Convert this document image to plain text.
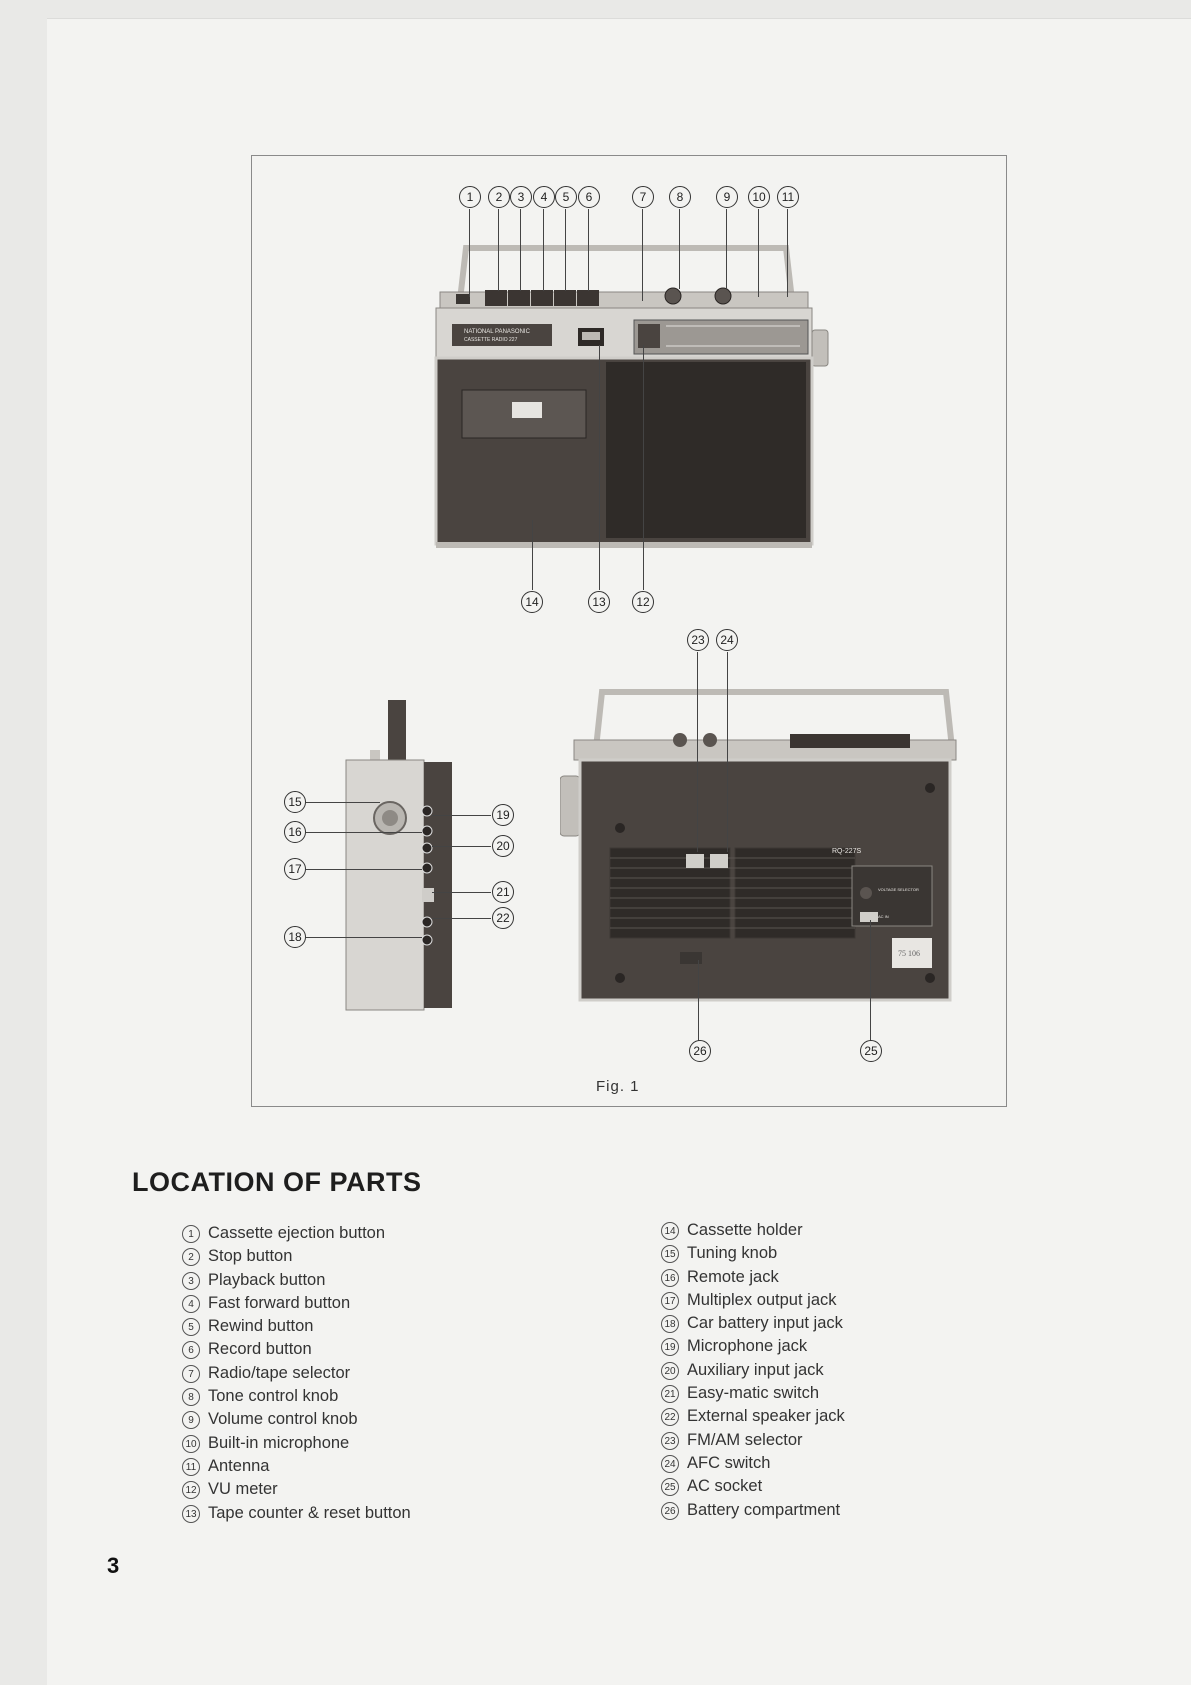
NATIONAL PANASONIC
CASSETTE RADIO 227
1	2	3	4	5	6	7	8	9	10	11
14	13	12
15
16
17
18
19
20
21
22
RQ-227S
VOLTAGE SELECTOR
AC IN
75 106
23	24
26	25
Fig. 1
LOCATION OF PARTS
1 Cassette ejection button
2 Stop button
3 Playback button
4 Fast forward button
5 Rewind button
6 Record button
7 Radio/tape selector
8 Tone control knob
9 Volume control knob
10 Built-in microphone
11 Antenna
12 VU meter
13 Tape counter & reset button
14 Cassette holder
15 Tuning knob
16 Remote jack
17 Multiplex output jack
18 Car battery input jack
19 Microphone jack
20 Auxiliary input jack
21 Easy-matic switch
22 External speaker jack
23 FM/AM selector
24 AFC switch
25 AC socket
26 Battery compartment
3
